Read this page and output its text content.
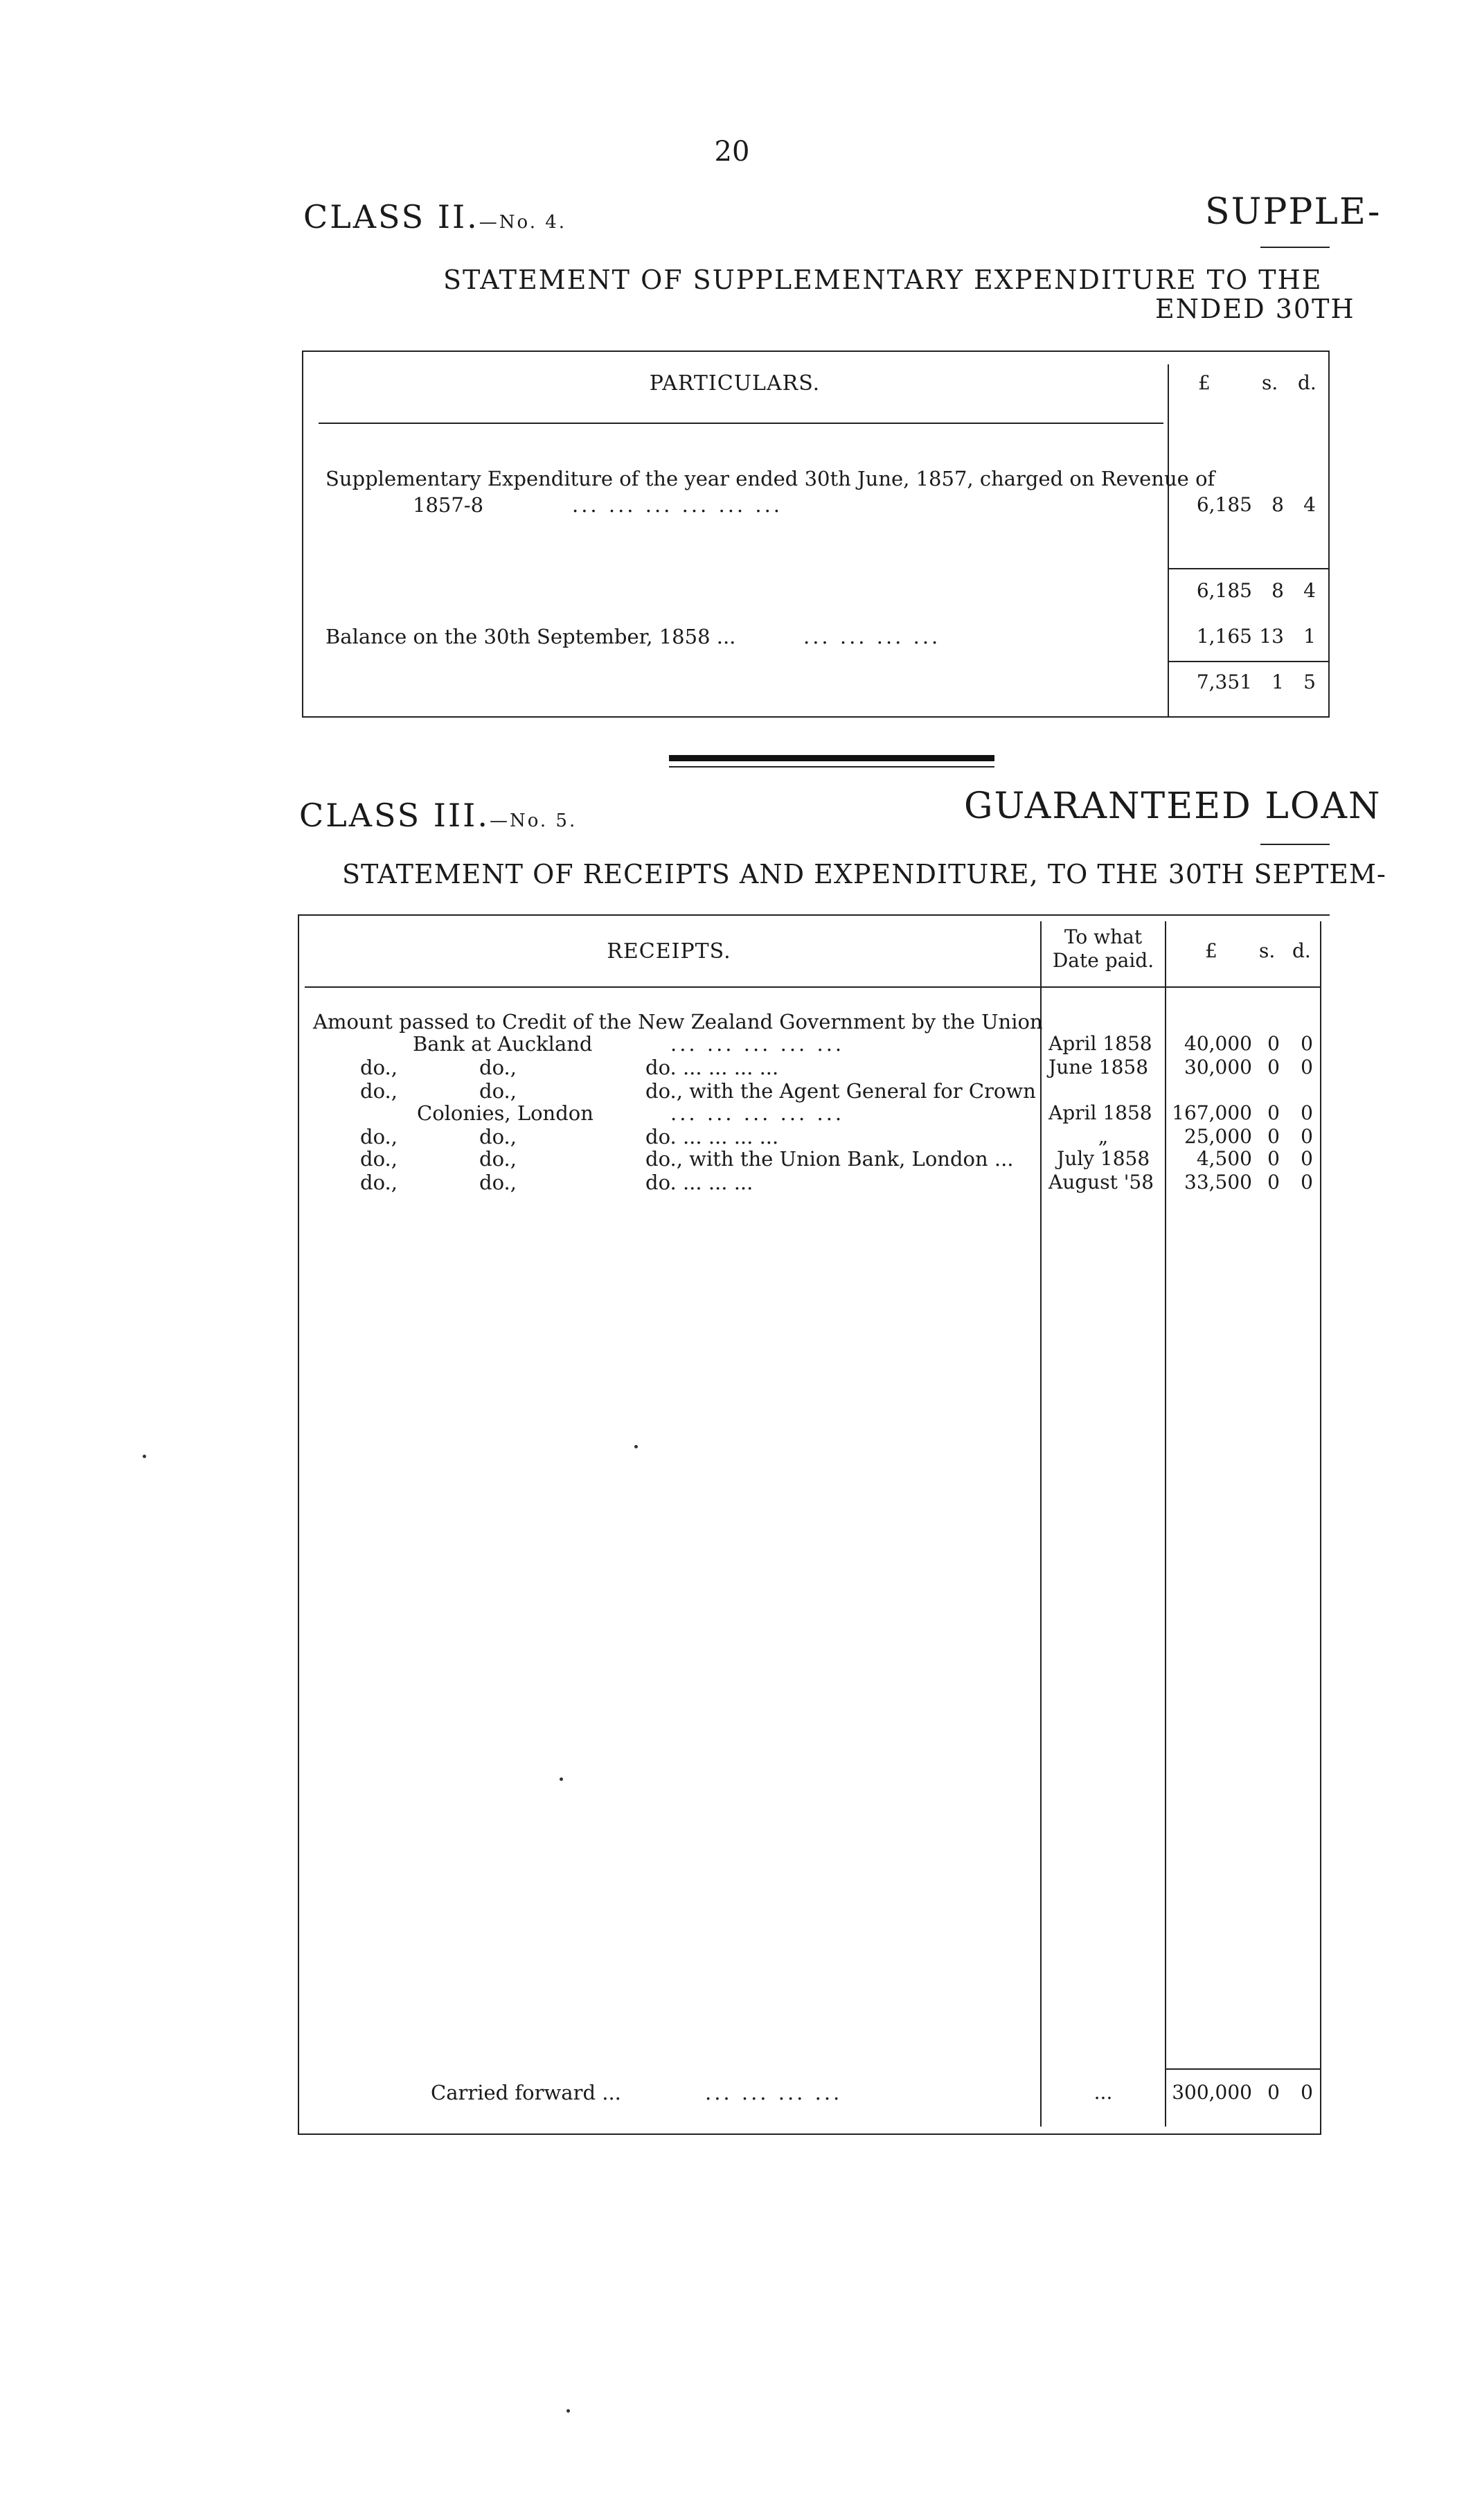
20
CLASS II.—No. 4.	SUPPLE-
STATEMENT OF SUPPLEMENTARY EXPENDITURE TO THE
ENDED 30TH
PARTICULARS.	£	s. d.
Supplementary Expenditure of the year ended 30th June, 1857, charged on Revenue of
1857-8	... ... ... ... ... ...	6,185	8	4
6,185	8	4
Balance on the 30th September, 1858 ...	... ... ... ...	1,165 13	1
7,351	1	5
CLASS III.—No. 5.	GUARANTEED LOAN
STATEMENT OF RECEIPTS AND EXPENDITURE, TO THE 30TH SEPTEM-
RECEIPTS.
To what
Date paid.	£ s. d.
Amount passed to Credit of the New Zealand Government by the Union
Bank at Auckland	... ... ... ... ...	April 1858	40,000 0	0
do.,	do.,	do. ... ... ... ...	June 1858	30,000 0	0
do.,	do.,	do., with the Agent General for Crown
Colonies, London	... ... ... ... ...	April 1858 167,000 0	0
do.,	do.,	do. ... ... ... ...	„	25,000 0	0
do.,	do.,	do., with the Union Bank, London ... July 1858	4,500 0	0
do.,	do.,	do. ... ... ...	August '58	33,500 0	0
Carried forward ...	... ... ... ...	...	300,000 0	0
